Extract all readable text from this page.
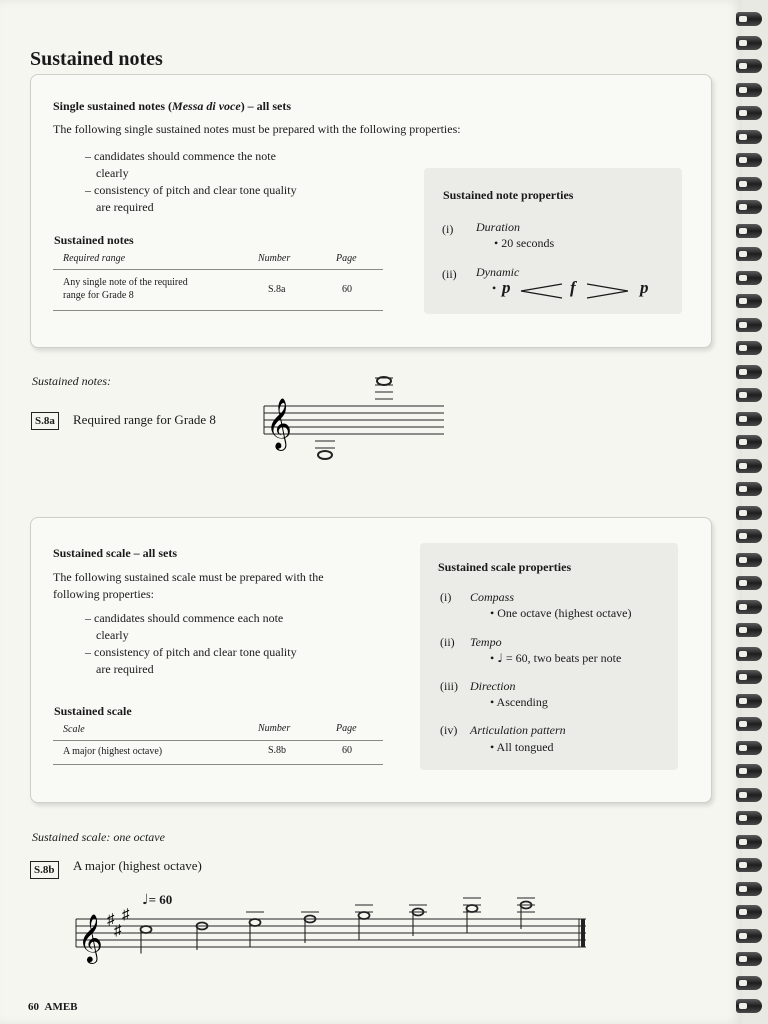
Sustained notes
Single sustained notes (Messa di voce) – all sets
The following single sustained notes must be prepared with the following properties:
– candidates should commence the note
clearly
– consistency of pitch and clear tone quality
are required
Sustained notes
Required range	Number	Page
Any single note of the required
range for Grade 8
S.8a	60
Sustained note properties
(i) Duration
• 20 seconds
(ii) Dynamic
• p	f	p
Sustained notes:
S.8a	Required range for Grade 8 𝄞
Sustained scale – all sets
The following sustained scale must be prepared with the
following properties:
– candidates should commence each note
clearly
– consistency of pitch and clear tone quality
are required
Sustained scale
Scale	Number	Page
A major (highest octave)	S.8b	60
Sustained scale properties
(i) Compass
• One octave (highest octave)
(ii) Tempo
• ♩ = 60, two beats per note
(iii) Direction
• Ascending
(iv) Articulation pattern
• All tongued
Sustained scale: one octave
S.8b	A major (highest octave)
♩= 60
𝄞 ♯
♯
♯
60 AMEB
